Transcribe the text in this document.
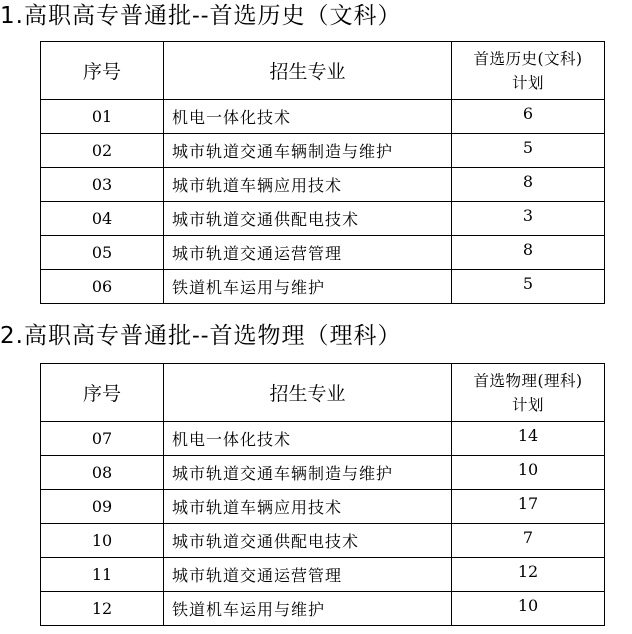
1.高职高专普通批--首选历史（文科）
序号	招生专业	首选历史(文科)
计划

01	机电一体化技术	6
02	城市轨道交通车辆制造与维护	5
03	城市轨道车辆应用技术	8
04	城市轨道交通供配电技术	3
05	城市轨道交通运营管理	8
06	铁道机车运用与维护	5
2.高职高专普通批--首选物理（理科）
序号	招生专业	首选物理(理科)
计划

07	机电一体化技术	14
08	城市轨道交通车辆制造与维护	10
09	城市轨道车辆应用技术	17
10	城市轨道交通供配电技术	7
11	城市轨道交通运营管理	12
12	铁道机车运用与维护	10
